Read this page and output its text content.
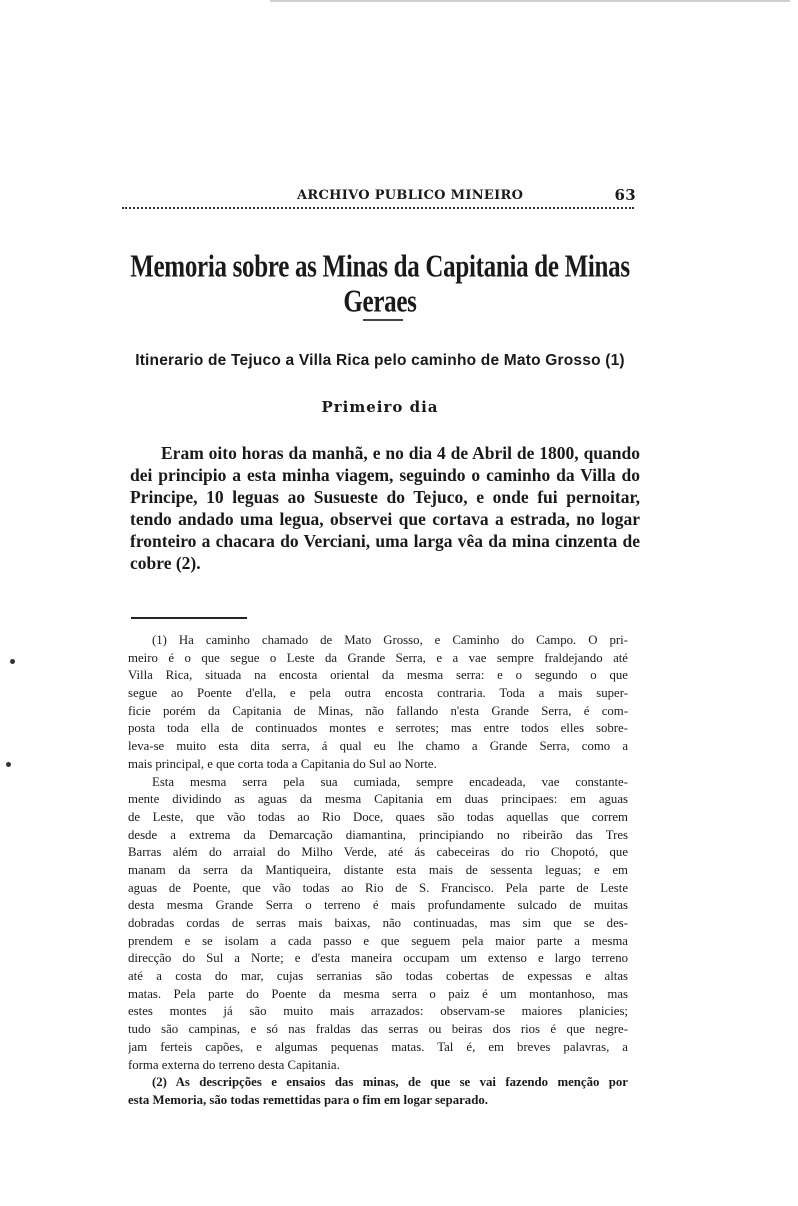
ARCHIVO PUBLICO MINEIRO	63
Memoria sobre as Minas da Capitania de Minas Geraes
Itinerario de Tejuco a Villa Rica pelo caminho de Mato Grosso (1)
Primeiro dia
Eram oito horas da manhã, e no dia 4 de Abril de 1800, quando
dei principio a esta minha viagem, seguindo o caminho da Villa do
Principe, 10 leguas ao Susueste do Tejuco, e onde fui pernoitar,
tendo andado uma legua, observei que cortava a estrada, no logar
fronteiro a chacara do Verciani, uma larga vêa da mina cinzenta de
cobre (2).
(1) Ha caminho chamado de Mato Grosso, e Caminho do Campo. O pri-
meiro é o que segue o Leste da Grande Serra, e a vae sempre fraldejando até
Villa Rica, situada na encosta oriental da mesma serra: e o segundo o que
segue ao Poente d'ella, e pela outra encosta contraria. Toda a mais super-
ficie porém da Capitania de Minas, não fallando n'esta Grande Serra, é com-
posta toda ella de continuados montes e serrotes; mas entre todos elles sobre-
leva-se muito esta dita serra, á qual eu lhe chamo a Grande Serra, como a
mais principal, e que corta toda a Capitania do Sul ao Norte.
Esta mesma serra pela sua cumiada, sempre encadeada, vae constante-
mente dividindo as aguas da mesma Capitania em duas principaes: em aguas
de Leste, que vão todas ao Rio Doce, quaes são todas aquellas que correm
desde a extrema da Demarcação diamantina, principiando no ribeirão das Tres
Barras além do arraial do Milho Verde, até ás cabeceiras do rio Chopotó, que
manam da serra da Mantiqueira, distante esta mais de sessenta leguas; e em
aguas de Poente, que vão todas ao Rio de S. Francisco. Pela parte de Leste
desta mesma Grande Serra o terreno é mais profundamente sulcado de muitas
dobradas cordas de serras mais baixas, não continuadas, mas sim que se des-
prendem e se isolam a cada passo e que seguem pela maior parte a mesma
direcção do Sul a Norte; e d'esta maneira occupam um extenso e largo terreno
até a costa do mar, cujas serranias são todas cobertas de expessas e altas
matas. Pela parte do Poente da mesma serra o paiz é um montanhoso, mas
estes montes já são muito mais arrazados: observam-se maiores planicies;
tudo são campinas, e só nas fraldas das serras ou beiras dos rios é que negre-
jam ferteis capões, e algumas pequenas matas. Tal é, em breves palavras, a
forma externa do terreno desta Capitania.
(2) As descripções e ensaios das minas, de que se vai fazendo menção por
esta Memoria, são todas remettidas para o fim em logar separado.
